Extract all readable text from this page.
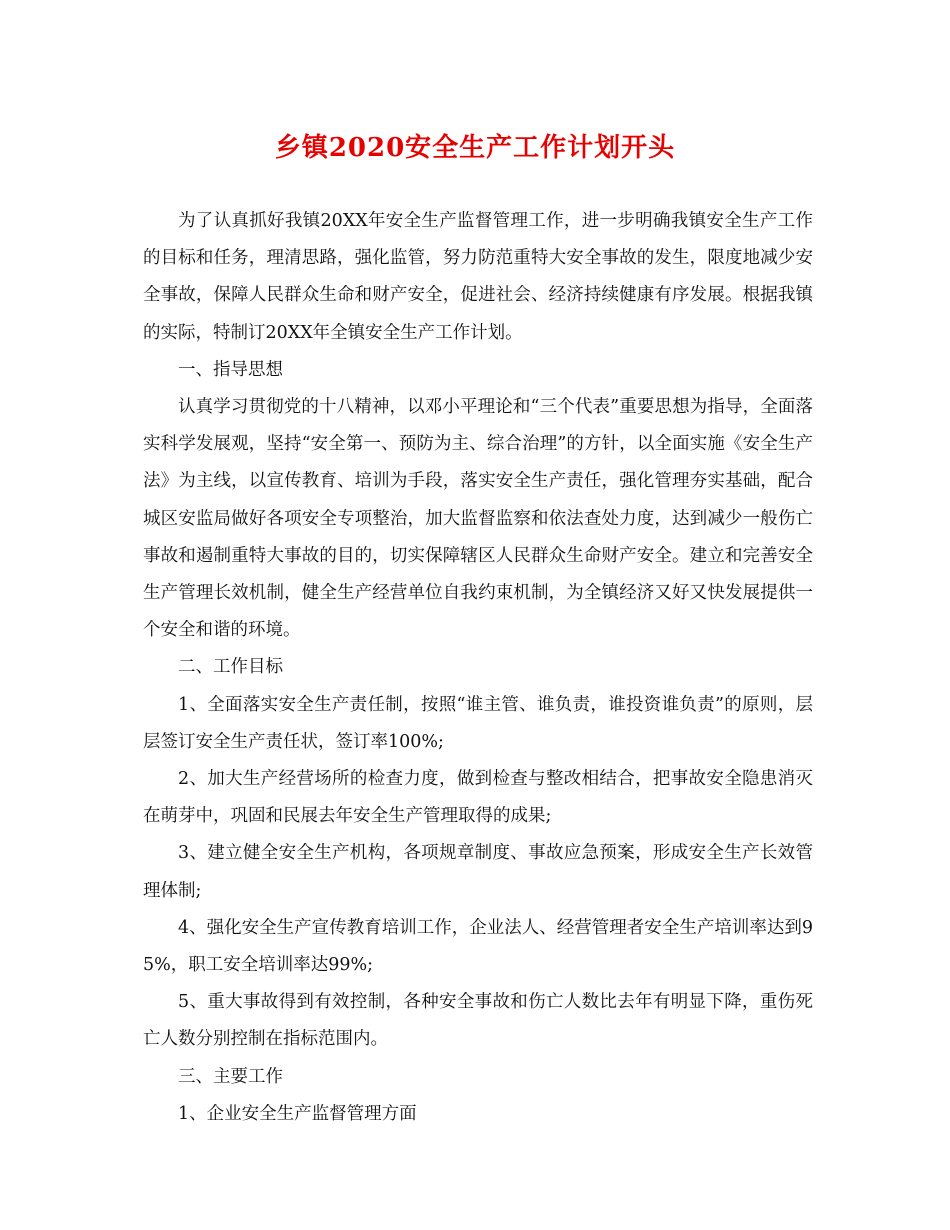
乡镇2020安全生产工作计划开头

为了认真抓好我镇20XX年安全生产监督管理工作，进一步明确我镇安全生产工作的目标和任务，理清思路，强化监管，努力防范重特大安全事故的发生，限度地减少安全事故，保障人民群众生命和财产安全，促进社会、经济持续健康有序发展。根据我镇的实际，特制订20XX年全镇安全生产工作计划。

一、指导思想

认真学习贯彻党的十八精神，以邓小平理论和“三个代表”重要思想为指导，全面落实科学发展观，坚持“安全第一、预防为主、综合治理”的方针，以全面实施《安全生产法》为主线，以宣传教育、培训为手段，落实安全生产责任，强化管理夯实基础，配合城区安监局做好各项安全专项整治，加大监督监察和依法查处力度，达到减少一般伤亡事故和遏制重特大事故的目的，切实保障辖区人民群众生命财产安全。建立和完善安全生产管理长效机制，健全生产经营单位自我约束机制，为全镇经济又好又快发展提供一个安全和谐的环境。

二、工作目标

1、全面落实安全生产责任制，按照“谁主管、谁负责，谁投资谁负责”的原则，层层签订安全生产责任状，签订率100%;

2、加大生产经营场所的检查力度，做到检查与整改相结合，把事故安全隐患消灭在萌芽中，巩固和民展去年安全生产管理取得的成果;

3、建立健全安全生产机构，各项规章制度、事故应急预案，形成安全生产长效管理体制;

4、强化安全生产宣传教育培训工作，企业法人、经营管理者安全生产培训率达到95%，职工安全培训率达99%;

5、重大事故得到有效控制，各种安全事故和伤亡人数比去年有明显下降，重伤死亡人数分别控制在指标范围内。

三、主要工作

1、企业安全生产监督管理方面
